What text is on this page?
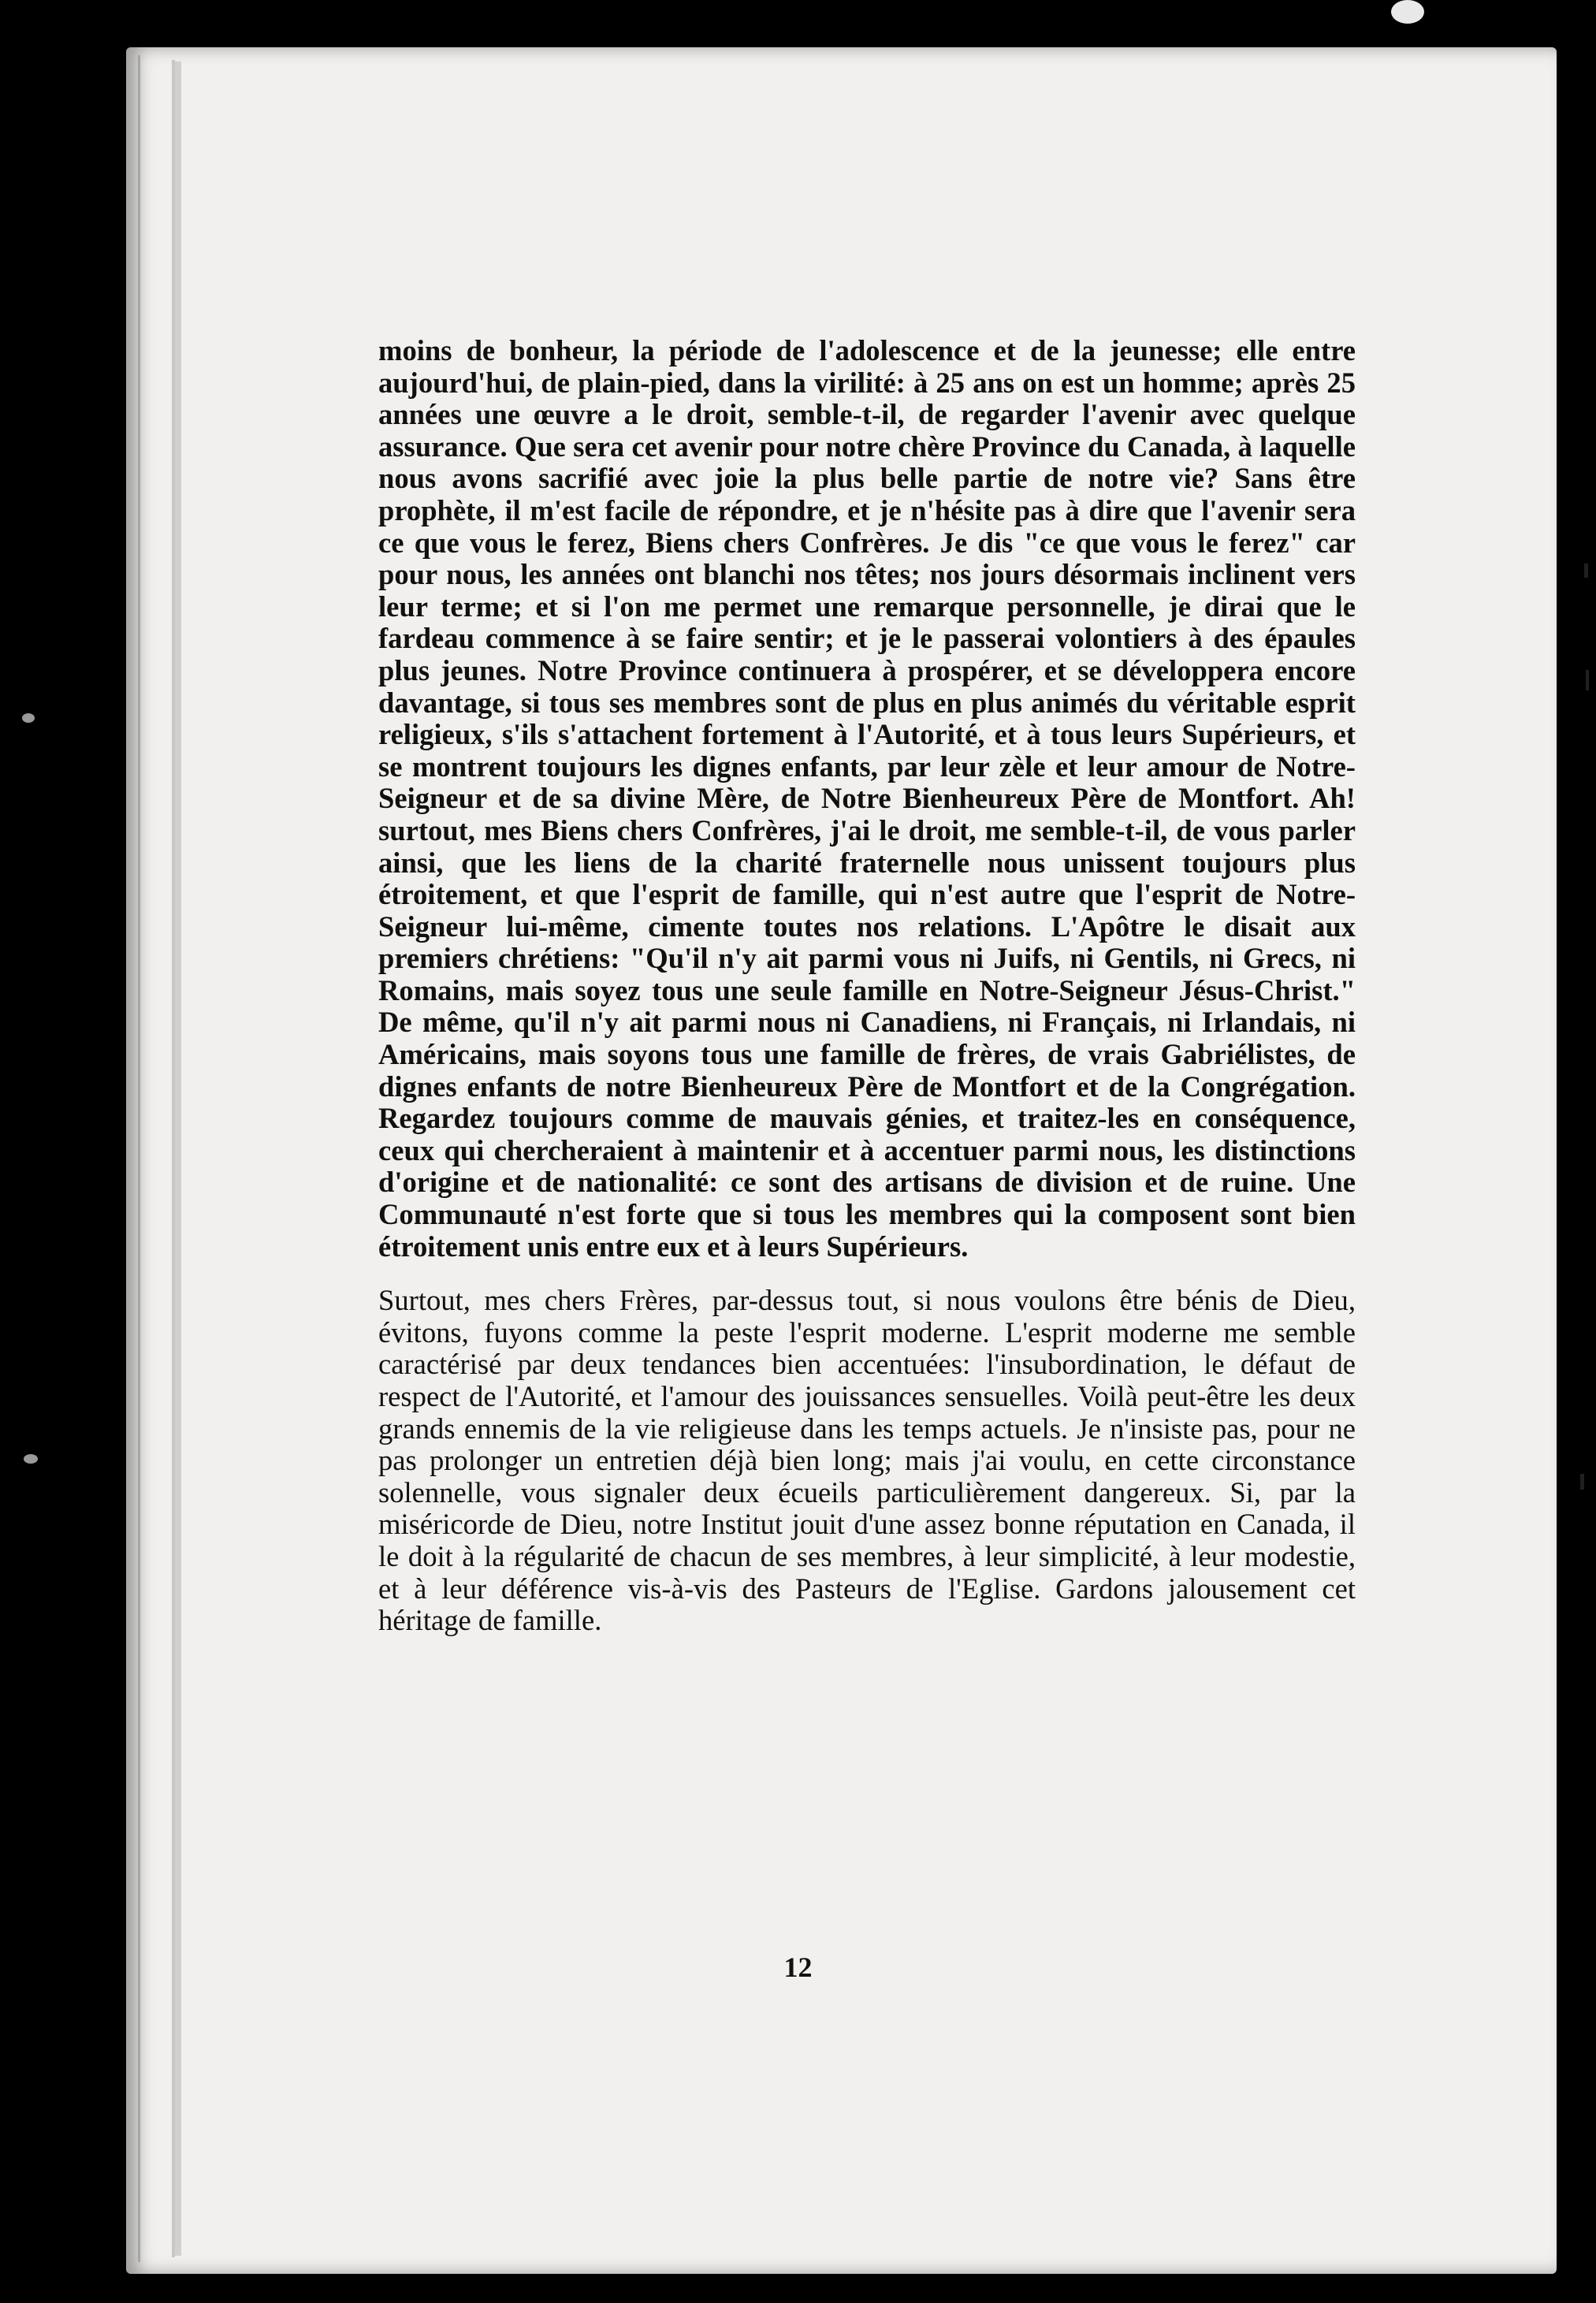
moins de bonheur, la période de l'adolescence et de la jeunesse; elle entre aujourd'hui, de plain-pied, dans la virilité: à 25 ans on est un homme; après 25 années une œuvre a le droit, semble-t-il, de regarder l'avenir avec quelque assurance. Que sera cet avenir pour notre chère Province du Canada, à laquelle nous avons sacrifié avec joie la plus belle partie de notre vie? Sans être prophète, il m'est facile de répondre, et je n'hésite pas à dire que l'avenir sera ce que vous le ferez, Biens chers Confrères. Je dis "ce que vous le ferez" car pour nous, les années ont blanchi nos têtes; nos jours désormais inclinent vers leur terme; et si l'on me permet une remarque personnelle, je dirai que le fardeau commence à se faire sentir; et je le passerai volontiers à des épaules plus jeunes. Notre Province continuera à prospérer, et se développera encore davantage, si tous ses membres sont de plus en plus animés du véritable esprit religieux, s'ils s'attachent fortement à l'Autorité, et à tous leurs Supérieurs, et se montrent toujours les dignes enfants, par leur zèle et leur amour de Notre-Seigneur et de sa divine Mère, de Notre Bienheureux Père de Montfort. Ah! surtout, mes Biens chers Confrères, j'ai le droit, me semble-t-il, de vous parler ainsi, que les liens de la charité fraternelle nous unissent toujours plus étroitement, et que l'esprit de famille, qui n'est autre que l'esprit de Notre-Seigneur lui-même, cimente toutes nos relations. L'Apôtre le disait aux premiers chrétiens: "Qu'il n'y ait parmi vous ni Juifs, ni Gentils, ni Grecs, ni Romains, mais soyez tous une seule famille en Notre-Seigneur Jésus-Christ." De même, qu'il n'y ait parmi nous ni Canadiens, ni Français, ni Irlandais, ni Américains, mais soyons tous une famille de frères, de vrais Gabriélistes, de dignes enfants de notre Bienheureux Père de Montfort et de la Congrégation. Regardez toujours comme de mauvais génies, et traitez-les en conséquence, ceux qui chercheraient à maintenir et à accentuer parmi nous, les distinctions d'origine et de nationalité: ce sont des artisans de division et de ruine. Une Communauté n'est forte que si tous les membres qui la composent sont bien étroitement unis entre eux et à leurs Supérieurs.

Surtout, mes chers Frères, par-dessus tout, si nous voulons être bénis de Dieu, évitons, fuyons comme la peste l'esprit moderne. L'esprit moderne me semble caractérisé par deux tendances bien accentuées: l'insubordination, le défaut de respect de l'Autorité, et l'amour des jouissances sensuelles. Voilà peut-être les deux grands ennemis de la vie religieuse dans les temps actuels. Je n'insiste pas, pour ne pas prolonger un entretien déjà bien long; mais j'ai voulu, en cette circonstance solennelle, vous signaler deux écueils particulièrement dangereux. Si, par la miséricorde de Dieu, notre Institut jouit d'une assez bonne réputation en Canada, il le doit à la régularité de chacun de ses membres, à leur simplicité, à leur modestie, et à leur déférence vis-à-vis des Pasteurs de l'Eglise. Gardons jalousement cet héritage de famille.

12
